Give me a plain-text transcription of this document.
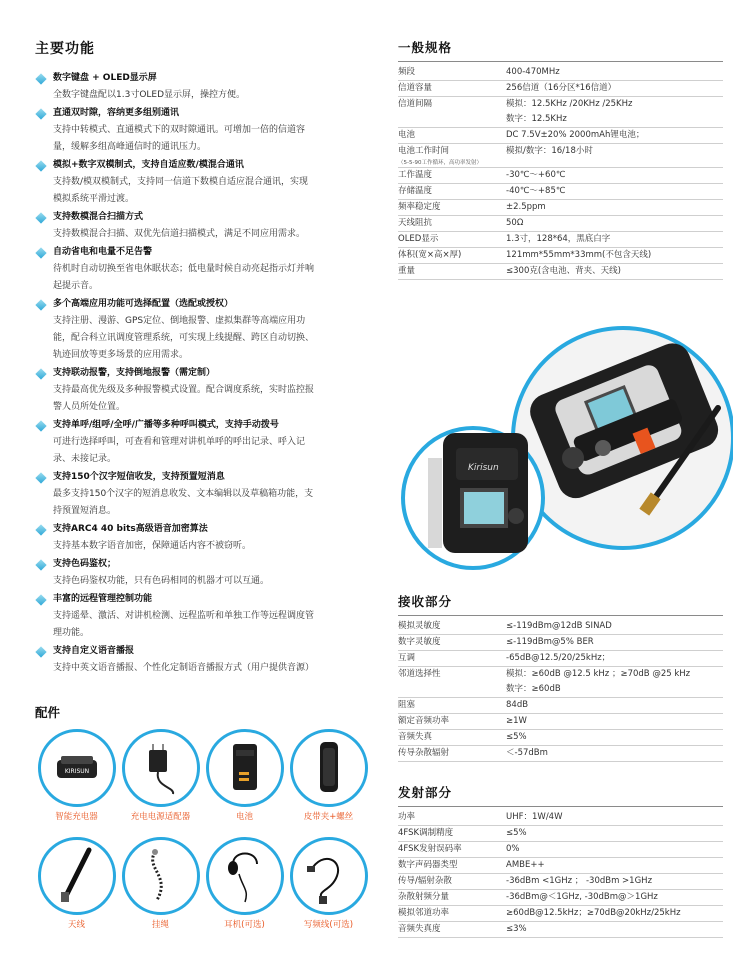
主要功能
数字键盘 + OLED显示屏
全数字键盘配以1.3寸OLED显示屏，操控方便。
直通双时隙，容纳更多组别通讯
支持中转模式、直通模式下的双时隙通讯。可增加一倍的信道容
量，缓解多组高峰通信时的通讯压力。
模拟+数字双模制式，支持自适应数/模混合通讯
支持数/模双模制式，支持同一信道下数模自适应混合通讯，实现
模拟系统平滑过渡。
支持数模混合扫描方式
支持数模混合扫描、双优先信道扫描模式，满足不同应用需求。
自动省电和电量不足告警
待机时自动切换至省电休眠状态；低电量时候自动亮起指示灯并响
起提示音。
多个高端应用功能可选择配置（选配或授权）
支持注册、漫游、GPS定位、倒地报警、虚拟集群等高端应用功
能，配合科立讯调度管理系统，可实现上线提醒、跨区自动切换、
轨迹回放等更多场景的应用需求。
支持联动报警，支持倒地报警（需定制）
支持最高优先级及多种报警模式设置。配合调度系统，实时监控报
警人员所处位置。
支持单呼/组呼/全呼/广播等多种呼叫模式，支持手动拨号
可进行选择呼叫，可查看和管理对讲机单呼的呼出记录、呼入记
录、未接记录。
支持150个汉字短信收发，支持预置短消息
最多支持150个汉字的短消息收发、文本编辑以及草稿箱功能，支
持预置短消息。
支持ARC4 40 bits高级语音加密算法
支持基本数字语音加密，保障通话内容不被窃听。
支持色码鉴权；
支持色码鉴权功能，只有色码相同的机器才可以互通。
丰富的远程管理控制功能
支持遥晕、激活、对讲机检测、远程监听和单独工作等远程调度管
理功能。
支持自定义语音播报
支持中英文语音播报、个性化定制语音播报方式（用户提供音源）
配件
KIRISUN
智能充电器	充电电源适配器	电池	皮带夹+螺丝
天线	挂绳	耳机(可选)	写频线(可选)
一般规格
频段	400-470MHz
信道容量	256信道（16分区*16信道）
信道间隔	模拟：12.5KHz /20KHz /25KHz
	数字：12.5KHz
电池	DC 7.5V±20% 2000mAh锂电池；
电池工作时间
（5-5-90工作循环，高功率发射）	模拟/数字：16/18小时
工作温度	-30℃～+60℃
存储温度	-40℃～+85℃
频率稳定度	±2.5ppm
天线阻抗	50Ω
OLED显示	1.3寸，128*64，黑底白字
体积(宽×高×厚)	121mm*55mm*33mm(不包含天线)
重量	≤300克(含电池、背夹、天线)
Kirisun
接收部分
模拟灵敏度	≤-119dBm@12dB SINAD
数字灵敏度	≤-119dBm@5% BER
互调	-65dB@12.5/20/25kHz；
邻道选择性	模拟：≥60dB @12.5 kHz ；≥70dB @25 kHz
	数字：≥60dB
阻塞	84dB
额定音频功率	≥1W
音频失真	≤5%
传导杂散辐射	＜-57dBm
发射部分
功率	UHF：1W/4W
4FSK调制精度	≤5%
4FSK发射误码率	0%
数字声码器类型	AMBE++
传导/辐射杂散	-36dBm <1GHz ； -30dBm >1GHz
杂散射频分量	-36dBm@＜1GHz, -30dBm@＞1GHz
模拟邻道功率	≥60dB@12.5kHz；≥70dB@20kHz/25kHz
音频失真度	≤3%
